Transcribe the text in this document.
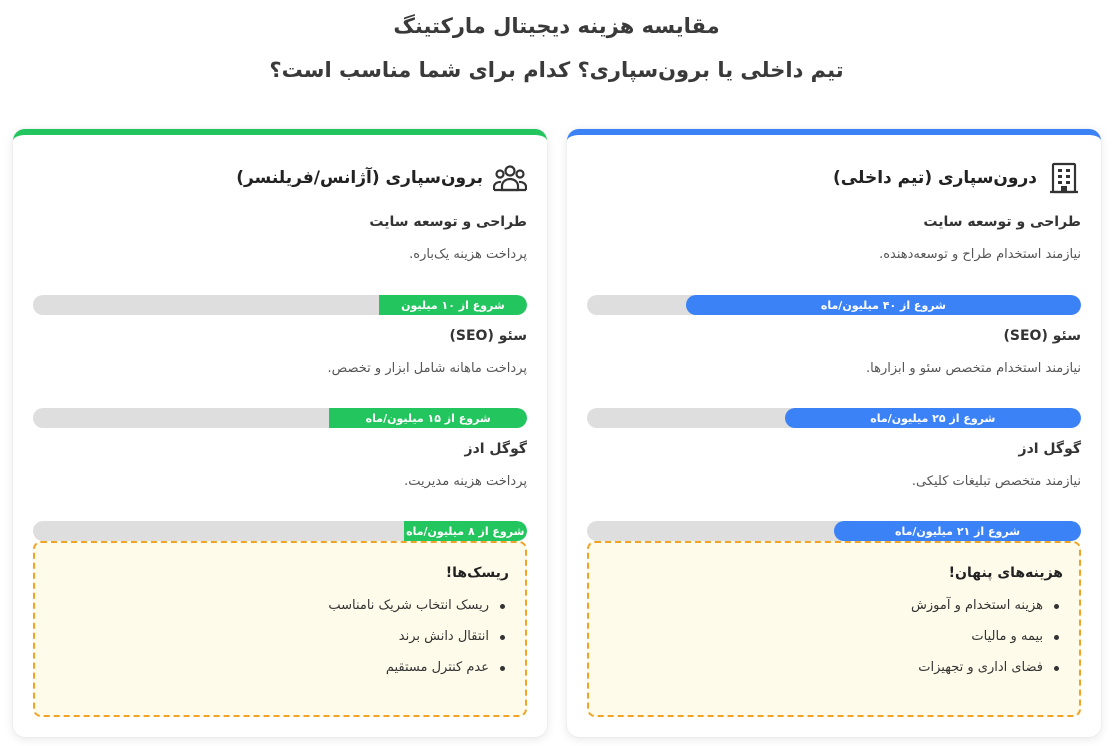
مقایسه هزینه دیجیتال مارکتینگ
تیم داخلی یا برون‌سپاری؟ کدام برای شما مناسب است؟
درون‌سپاری (تیم داخلی)
طراحی و توسعه سایت
نیازمند استخدام طراح و توسعه‌دهنده.
شروع از ۴۰ میلیون/ماه
سئو (SEO)
نیازمند استخدام متخصص سئو و ابزارها.
شروع از ۲۵ میلیون/ماه
گوگل ادز
نیازمند متخصص تبلیغات کلیکی.
شروع از ۲۱ میلیون/ماه
هزینه‌های پنهان!
هزینه استخدام و آموزش
بیمه و مالیات
فضای اداری و تجهیزات
برون‌سپاری (آژانس/فریلنسر)
طراحی و توسعه سایت
پرداخت هزینه یک‌باره.
شروع از ۱۰ میلیون
سئو (SEO)
پرداخت ماهانه شامل ابزار و تخصص.
شروع از ۱۵ میلیون/ماه
گوگل ادز
پرداخت هزینه مدیریت.
شروع از ۸ میلیون/ماه
ریسک‌ها!
ریسک انتخاب شریک نامناسب
انتقال دانش برند
عدم کنترل مستقیم
